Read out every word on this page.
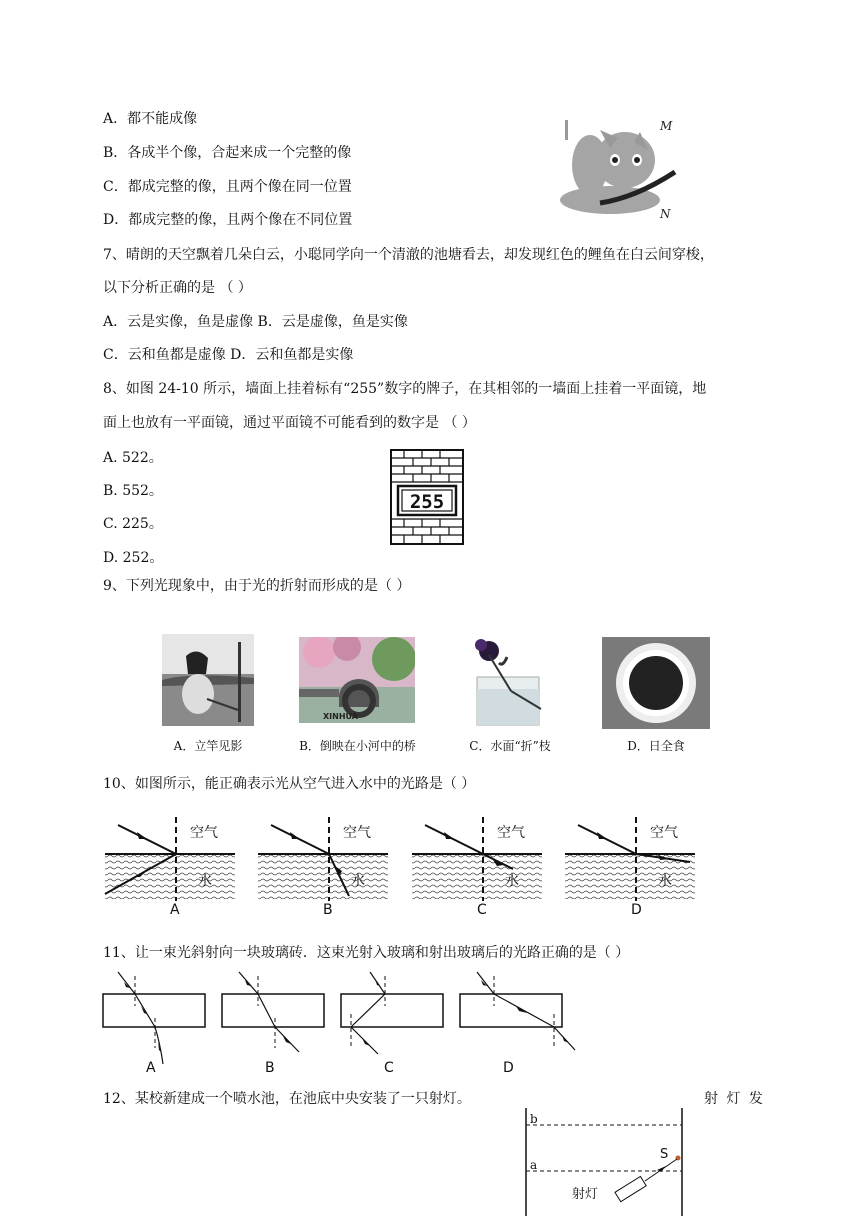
A．都不能成像
B．各成半个像，合起来成一个完整的像
C．都成完整的像，且两个像在同一位置
D．都成完整的像，且两个像在不同位置
M
N
7、晴朗的天空飘着几朵白云，小聪同学向一个清澈的池塘看去，却发现红色的鲤鱼在白云间穿梭，
以下分析正确的是 （ ）
A．云是实像，鱼是虚像 B．云是虚像，鱼是实像
C．云和鱼都是虚像 D．云和鱼都是实像
8、如图 24-10 所示，墙面上挂着标有“255”数字的牌子，在其相邻的一墙面上挂着一平面镜，地
面上也放有一平面镜，通过平面镜不可能看到的数字是 （ ）
A. 522。
B. 552。
C. 225。
D. 252。
255
9、下列光现象中，由于光的折射而形成的是（ ）
XINHUA
A．立竿见影	B．倒映在小河中的桥	C．水面“折”枝	D．日全食
10、如图所示，能正确表示光从空气进入水中的光路是（ ）
空气	空气	空气	空气
水	水	水	水
A	B	C	D
11、让一束光斜射向一块玻璃砖．这束光射入玻璃和射出玻璃后的光路正确的是（ ）
A	B	C	D
12、某校新建成一个喷水池，在池底中央安装了一只射灯。	射 灯 发
b
a
S
射灯
